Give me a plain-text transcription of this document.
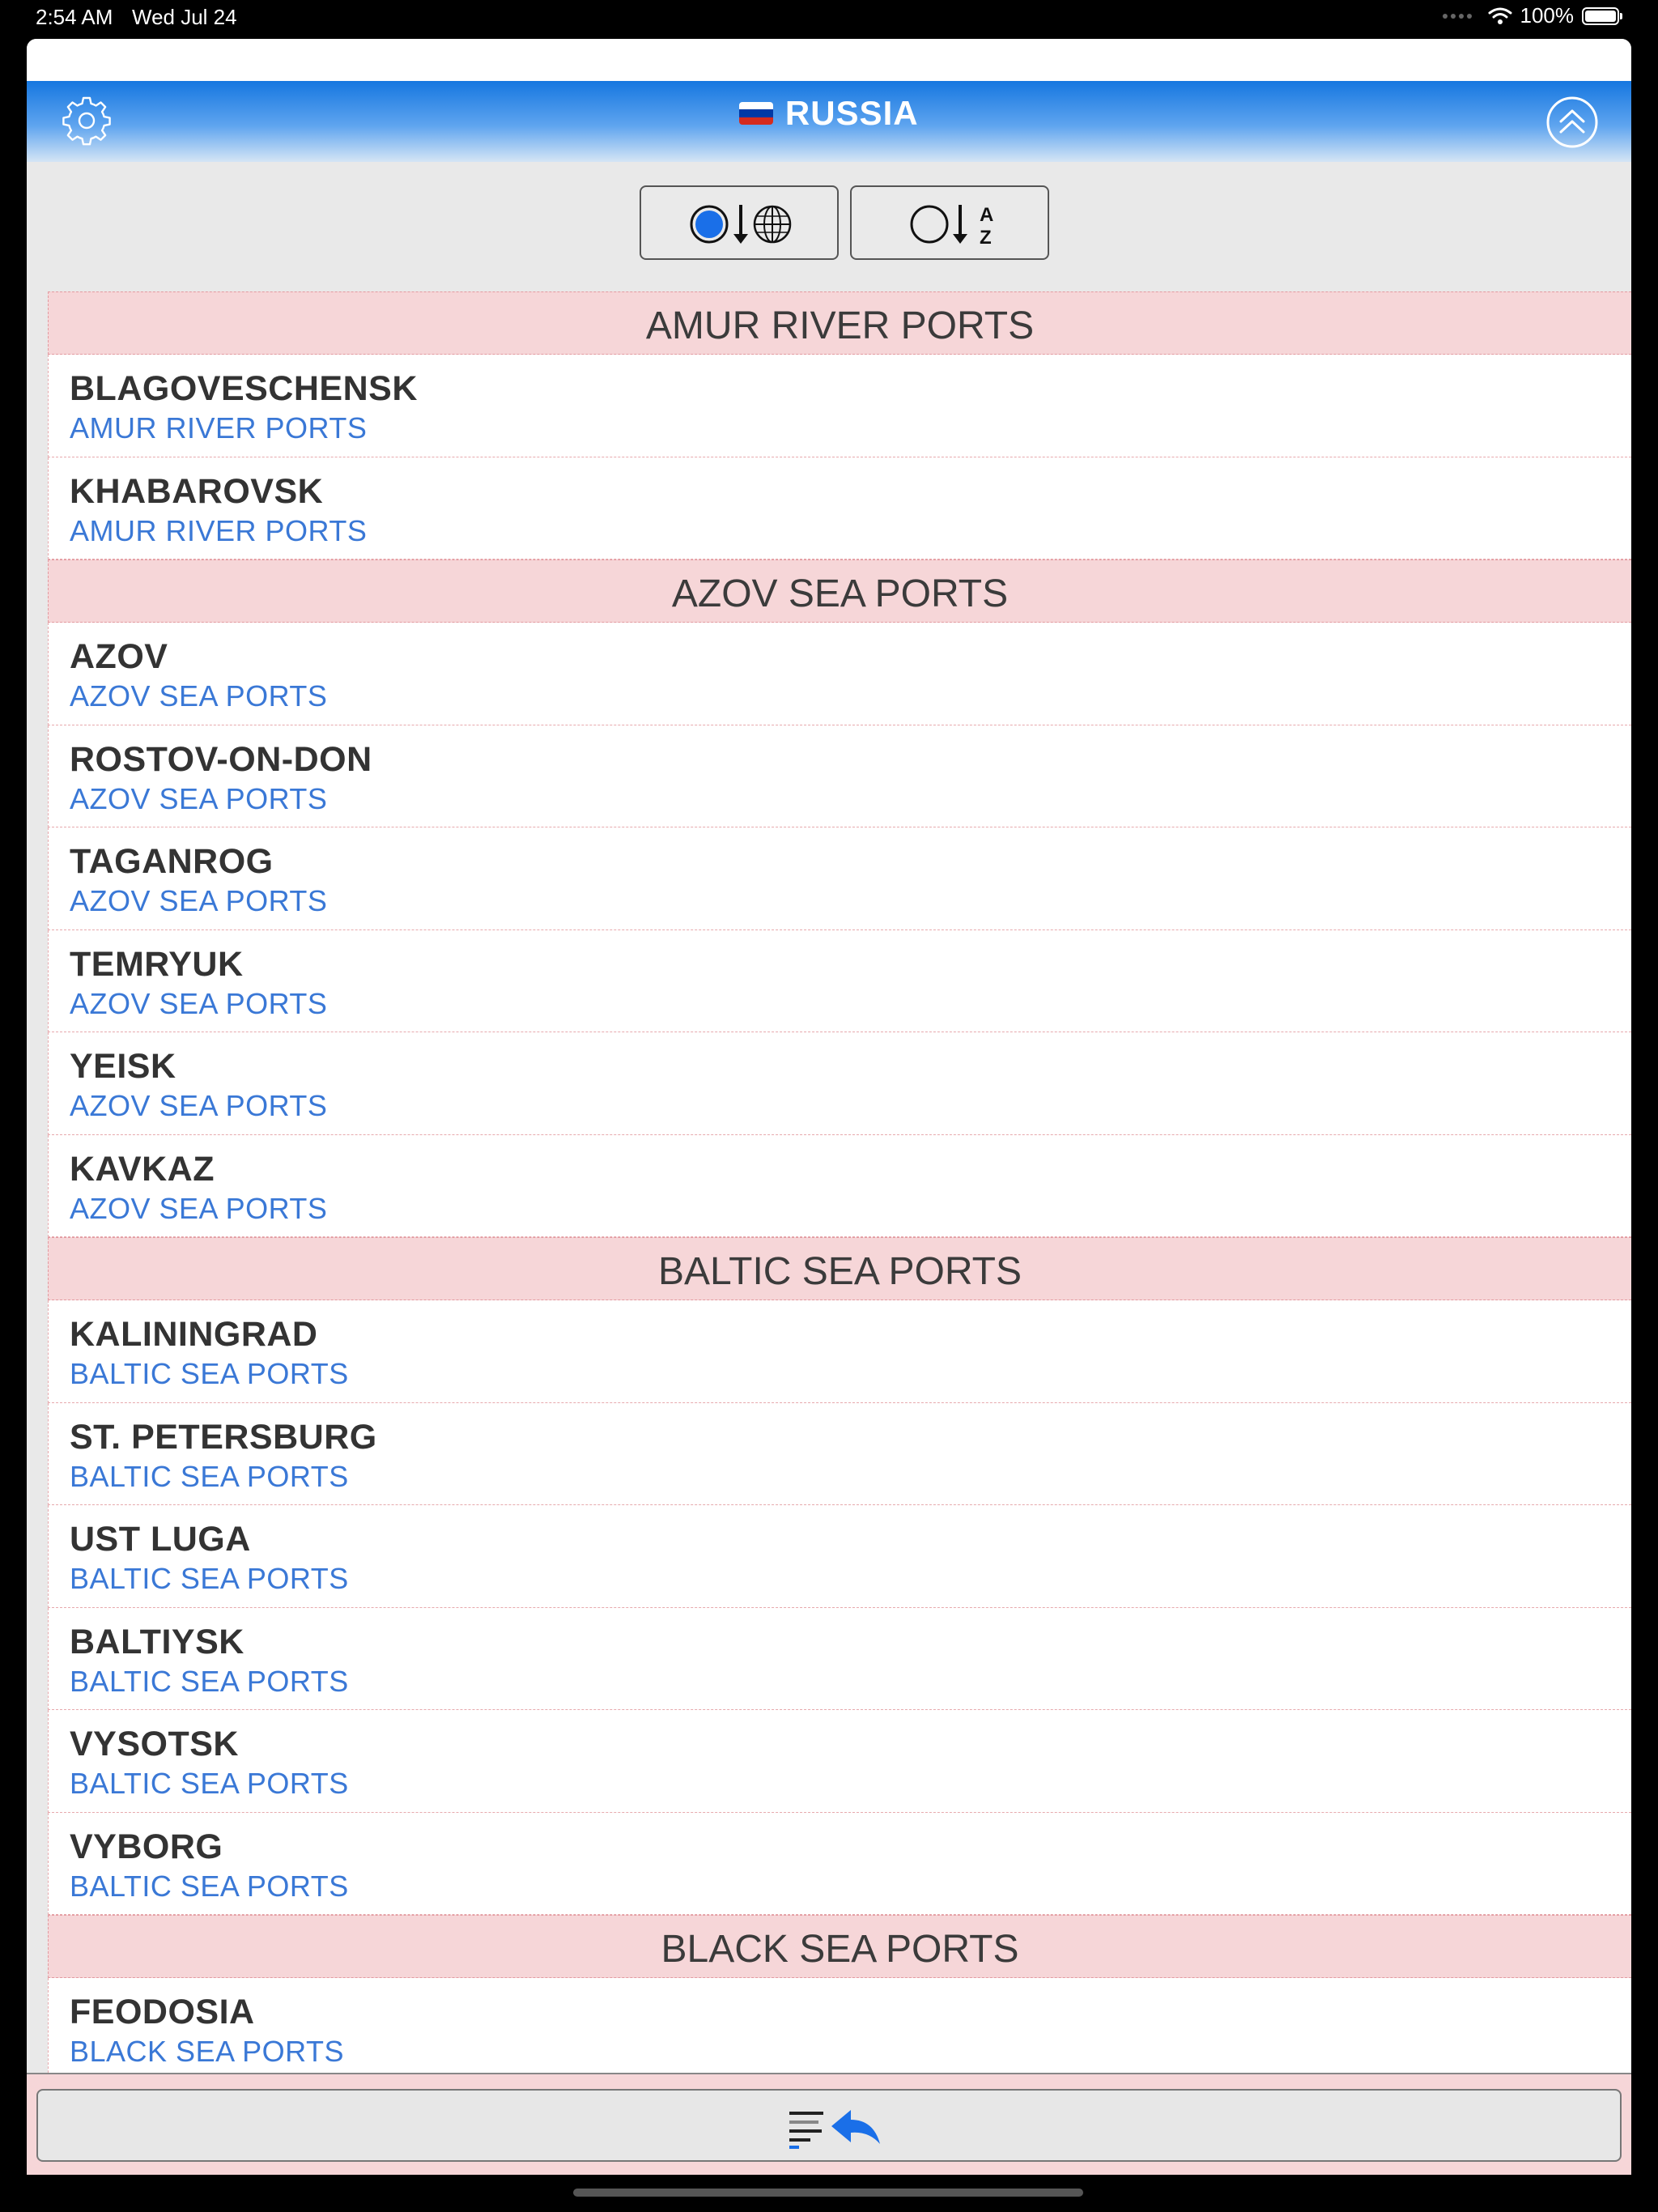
2:54 AM Wed Jul 24	100%
RUSSIA
A
Z
AMUR RIVER PORTS
BLAGOVESCHENSK
AMUR RIVER PORTS
KHABAROVSK
AMUR RIVER PORTS
AZOV SEA PORTS
AZOV
AZOV SEA PORTS
ROSTOV-ON-DON
AZOV SEA PORTS
TAGANROG
AZOV SEA PORTS
TEMRYUK
AZOV SEA PORTS
YEISK
AZOV SEA PORTS
KAVKAZ
AZOV SEA PORTS
BALTIC SEA PORTS
KALININGRAD
BALTIC SEA PORTS
ST. PETERSBURG
BALTIC SEA PORTS
UST LUGA
BALTIC SEA PORTS
BALTIYSK
BALTIC SEA PORTS
VYSOTSK
BALTIC SEA PORTS
VYBORG
BALTIC SEA PORTS
BLACK SEA PORTS
FEODOSIA
BLACK SEA PORTS
